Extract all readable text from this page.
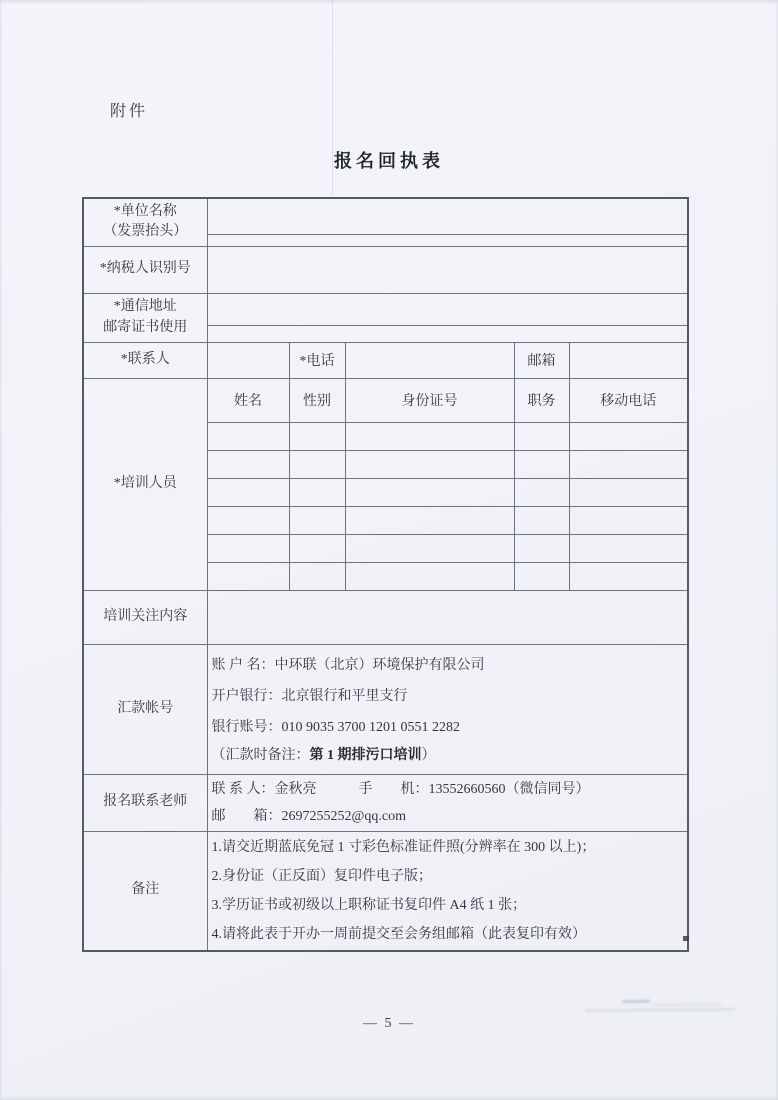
附件
报名回执表
*单位名称
（发票抬头）					

*纳税人识别号					

*通信地址
邮寄证书使用					

*联系人		*电话		邮箱	
*培训人员	姓名	性别	身份证号	职务	移动电话

培训关注内容					
汇款帐号	账 户 名：中环联（北京）环境保护有限公司
开户银行：北京银行和平里支行
银行账号：010 9035 3700 1201 0551 2282
（汇款时备注：第 1 期排污口培训）				

报名联系老师	联 系 人：金秋亮　　　手　　机：13552660560（微信同号）
邮　　箱：2697255252@qq.com				

备注	1.请交近期蓝底免冠 1 寸彩色标准证件照(分辨率在 300 以上)；
2.身份证（正反面）复印件电子版；
3.学历证书或初级以上职称证书复印件 A4 纸 1 张；
4.请将此表于开办一周前提交至会务组邮箱（此表复印有效）				
— 5 —
